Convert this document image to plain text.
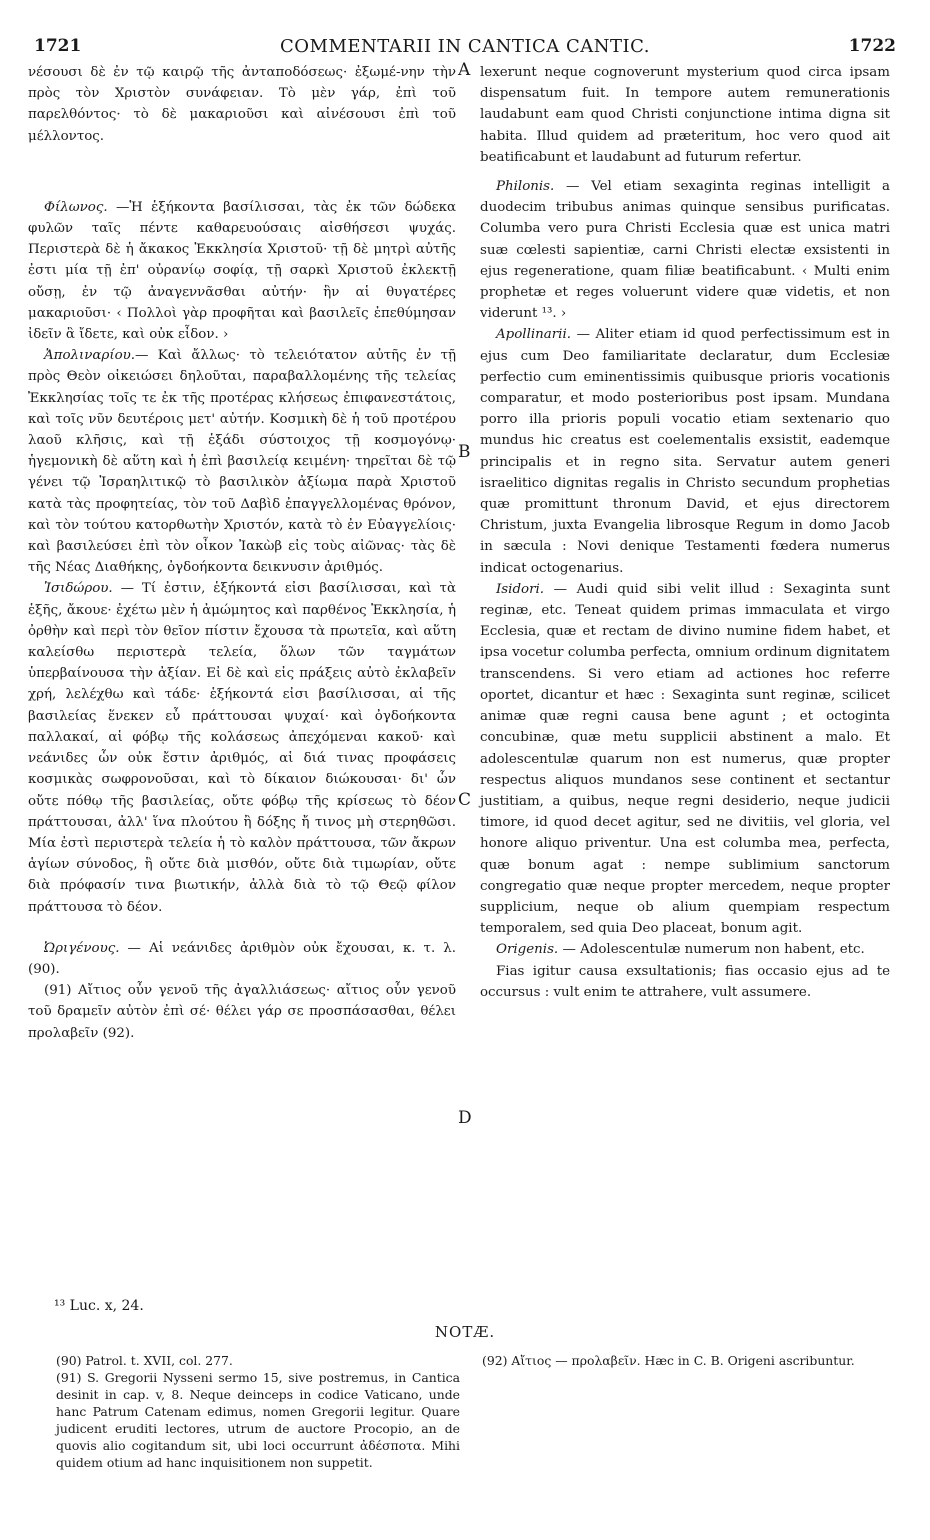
1721	COMMENTARII IN CANTICA CANTIC.	1722
A
B
C
D

νέσουσι δὲ ἐν τῷ καιρῷ τῆς ἀνταποδόσεως· ἐξωμέ-νην τὴν πρὸς τὸν Χριστὸν συνάφειαν. Τὸ μὲν γάρ, ἐπὶ τοῦ παρελθόντος· τὸ δὲ μακαριοῦσι καὶ αἰνέσουσι ἐπὶ τοῦ μέλλοντος.

Φίλωνος. —Ἡ ἑξήκοντα βασίλισσαι, τὰς ἐκ τῶν δώδεκα φυλῶν ταῖς πέντε καθαρευούσαις αἰσθήσεσι ψυχάς. Περιστερὰ δὲ ἡ ἄκακος Ἐκκλησία Χριστοῦ· τῇ δὲ μητρὶ αὐτῆς ἐστι μία τῇ ἐπ' οὐρανίῳ σοφίᾳ, τῇ σαρκὶ Χριστοῦ ἐκλεκτῇ οὔσῃ, ἐν τῷ ἀναγεννᾶσθαι αὐτήν· ἣν αἱ θυγατέρες μακαριοῦσι· ‹ Πολλοὶ γὰρ προφῆται καὶ βασιλεῖς ἐπεθύμησαν ἰδεῖν ἃ ἴδετε, καὶ οὐκ εἶδον. ›

Ἀπολιναρίου.— Καὶ ἄλλως· τὸ τελειότατον αὐτῆς ἐν τῇ πρὸς Θεὸν οἰκειώσει δηλοῦται, παραβαλλομένης τῆς τελείας Ἐκκλησίας τοῖς τε ἐκ τῆς προτέρας κλήσεως ἐπιφανεστάτοις, καὶ τοῖς νῦν δευτέροις μετ' αὐτήν. Κοσμικὴ δὲ ἡ τοῦ προτέρου λαοῦ κλῆσις, καὶ τῇ ἑξάδι σύστοιχος τῇ κοσμογόνῳ· ἡγεμονικὴ δὲ αὕτη καὶ ἡ ἐπὶ βασιλείᾳ κειμένη· τηρεῖται δὲ τῷ γένει τῷ Ἰσραηλιτικῷ τὸ βασιλικὸν ἀξίωμα παρὰ Χριστοῦ κατὰ τὰς προφητείας, τὸν τοῦ Δαβὶδ ἐπαγγελλομένας θρόνον, καὶ τὸν τούτου κατορθωτὴν Χριστόν, κατὰ τὸ ἐν Εὐαγγελίοις· καὶ βασιλεύσει ἐπὶ τὸν οἶκον Ἰακὼβ εἰς τοὺς αἰῶνας· τὰς δὲ τῆς Νέας Διαθήκης, ὀγδοήκοντα δεικνυσιν ἀριθμός.

Ἰσιδώρου. — Τί ἐστιν, ἑξήκοντά εἰσι βασίλισσαι, καὶ τὰ ἑξῆς, ἄκουε· ἐχέτω μὲν ἡ ἀμώμητος καὶ παρθένος Ἐκκλησία, ἡ ὀρθὴν καὶ περὶ τὸν θεῖον πίστιν ἔχουσα τὰ πρωτεῖα, καὶ αὕτη καλείσθω περιστερὰ τελεία, ὅλων τῶν ταγμάτων ὑπερβαίνουσα τὴν ἀξίαν. Εἰ δὲ καὶ εἰς πράξεις αὐτὸ ἐκλαβεῖν χρή, λελέχθω καὶ τάδε· ἑξήκοντά εἰσι βασίλισσαι, αἱ τῆς βασιλείας ἕνεκεν εὖ πράττουσαι ψυχαί· καὶ ὀγδοήκοντα παλλακαί, αἱ φόβῳ τῆς κολάσεως ἀπεχόμεναι κακοῦ· καὶ νεάνιδες ὧν οὐκ ἔστιν ἀριθμός, αἱ διά τινας προφάσεις κοσμικὰς σωφρονοῦσαι, καὶ τὸ δίκαιον διώκουσαι· δι' ὧν οὔτε πόθῳ τῆς βασιλείας, οὔτε φόβῳ τῆς κρίσεως τὸ δέον πράττουσαι, ἀλλ' ἵνα πλούτου ἢ δόξης ἤ τινος μὴ στερηθῶσι. Μία ἐστὶ περιστερὰ τελεία ἡ τὸ καλὸν πράττουσα, τῶν ἄκρων ἁγίων σύνοδος, ἣ οὔτε διὰ μισθόν, οὔτε διὰ τιμωρίαν, οὔτε διὰ πρόφασίν τινα βιωτικήν, ἀλλὰ διὰ τὸ τῷ Θεῷ φίλον πράττουσα τὸ δέον.

Ὠριγένους. — Αἱ νεάνιδες ἀριθμὸν οὐκ ἔχουσαι, κ. τ. λ. (90).

(91) Αἴτιος οὖν γενοῦ τῆς ἀγαλλιάσεως· αἴτιος οὖν γενοῦ τοῦ δραμεῖν αὐτὸν ἐπὶ σέ· θέλει γάρ σε προσπάσασθαι, θέλει προλαβεῖν (92).

lexerunt neque cognoverunt mysterium quod circa ipsam dispensatum fuit. In tempore autem remunerationis laudabunt eam quod Christi conjunctione intima digna sit habita. Illud quidem ad præteritum, hoc vero quod ait beatificabunt et laudabunt ad futurum refertur.

Philonis. — Vel etiam sexaginta reginas intelligit a duodecim tribubus animas quinque sensibus purificatas. Columba vero pura Christi Ecclesia quæ est unica matri suæ cœlesti sapientiæ, carni Christi electæ exsistenti in ejus regeneratione, quam filiæ beatificabunt. ‹ Multi enim prophetæ et reges voluerunt videre quæ videtis, et non viderunt ¹³. ›

Apollinarii. — Aliter etiam id quod perfectissimum est in ejus cum Deo familiaritate declaratur, dum Ecclesiæ perfectio cum eminentissimis quibusque prioris vocationis comparatur, et modo posterioribus post ipsam. Mundana porro illa prioris populi vocatio etiam sextenario quo mundus hic creatus est coelementalis exsistit, eademque principalis et in regno sita. Servatur autem generi israelitico dignitas regalis in Christo secundum prophetias quæ promittunt thronum David, et ejus directorem Christum, juxta Evangelia librosque Regum in domo Jacob in sæcula : Novi denique Testamenti fœdera numerus indicat octogenarius.

Isidori. — Audi quid sibi velit illud : Sexaginta sunt reginæ, etc. Teneat quidem primas immaculata et virgo Ecclesia, quæ et rectam de divino numine fidem habet, et ipsa vocetur columba perfecta, omnium ordinum dignitatem transcendens. Si vero etiam ad actiones hoc referre oportet, dicantur et hæc : Sexaginta sunt reginæ, scilicet animæ quæ regni causa bene agunt ; et octoginta concubinæ, quæ metu supplicii abstinent a malo. Et adolescentulæ quarum non est numerus, quæ propter respectus aliquos mundanos sese continent et sectantur justitiam, a quibus, neque regni desiderio, neque judicii timore, id quod decet agitur, sed ne divitiis, vel gloria, vel honore aliquo priventur. Una est columba mea, perfecta, quæ bonum agat : nempe sublimium sanctorum congregatio quæ neque propter mercedem, neque propter supplicium, neque ob alium quempiam respectum temporalem, sed quia Deo placeat, bonum agit.

Origenis. — Adolescentulæ numerum non habent, etc.

Fias igitur causa exsultationis; fias occasio ejus ad te occursus : vult enim te attrahere, vult assumere.

¹³ Luc. x, 24.
NOTÆ.

(90) Patrol. t. XVII, col. 277.

(91) S. Gregorii Nysseni sermo 15, sive postremus, in Cantica desinit in cap. v, 8. Neque deinceps in codice Vaticano, unde hanc Patrum Catenam edimus, nomen Gregorii legitur. Quare judicent eruditi lectores, utrum de auctore Procopio, an de quovis alio cogitandum sit, ubi loci occurrunt ἀδέσποτα. Mihi quidem otium ad hanc inquisitionem non suppetit.

(92) Αἴτιος — προλαβεῖν. Hæc in C. B. Origeni ascribuntur.
